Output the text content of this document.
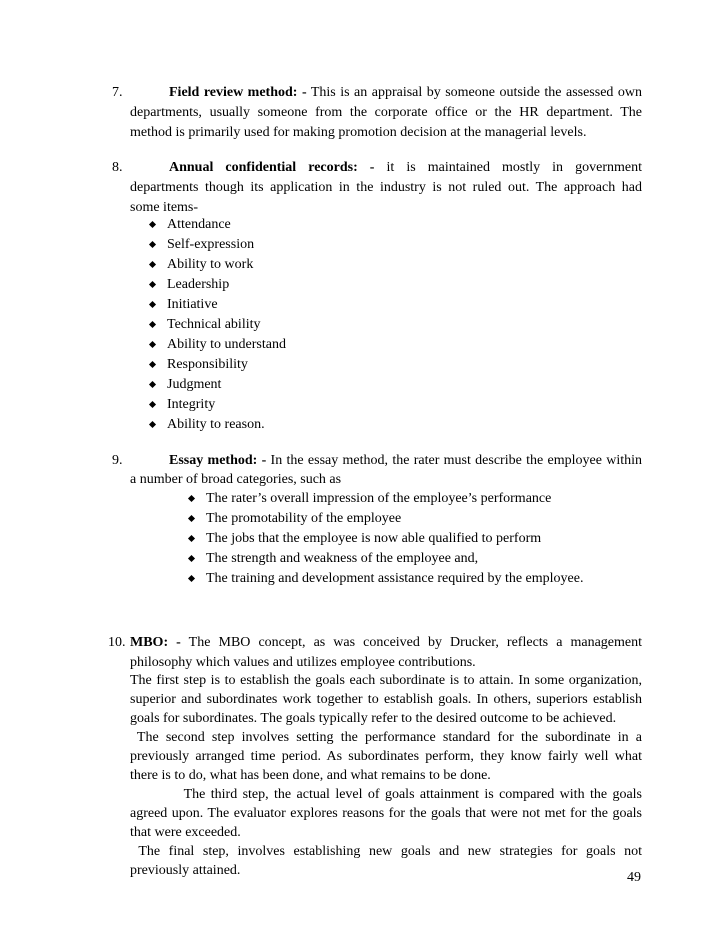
7.	Field review method: - This is an appraisal by someone outside the assessed own
departments, usually someone from the corporate office or the HR department. The
method is primarily used for making promotion decision at the managerial levels.
8.	Annual confidential records: - it is maintained mostly in government
departments though its application in the industry is not ruled out. The approach had
some items-
Attendance
Self-expression
Ability to work
Leadership
Initiative
Technical ability
Ability to understand
Responsibility
Judgment
Integrity
Ability to reason.
9.	Essay method: - In the essay method, the rater must describe the employee within
a number of broad categories, such as
The rater’s overall impression of the employee’s performance
The promotability of the employee
The jobs that the employee is now able qualified to perform
The strength and weakness of the employee and,
The training and development assistance required by the employee.
10. MBO: - The MBO concept, as was conceived by Drucker, reflects a management
philosophy which values and utilizes employee contributions.
The first step is to establish the goals each subordinate is to attain. In some organization,
superior and subordinates work together to establish goals. In others, superiors establish
goals for subordinates. The goals typically refer to the desired outcome to be achieved.
The second step involves setting the performance standard for the subordinate in a
previously arranged time period. As subordinates perform, they know fairly well what
there is to do, what has been done, and what remains to be done.
The third step, the actual level of goals attainment is compared with the goals
agreed upon. The evaluator explores reasons for the goals that were not met for the goals
that were exceeded.
The final step, involves establishing new goals and new strategies for goals not
previously attained.	49
